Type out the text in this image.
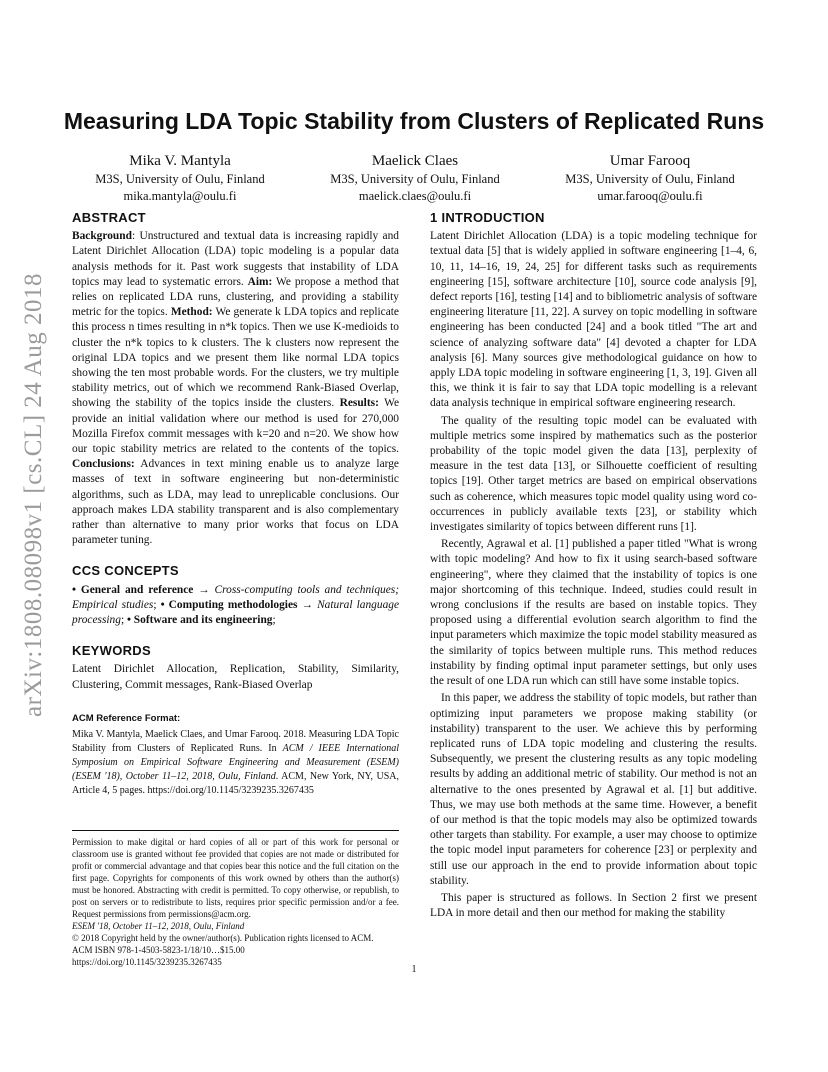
arXiv:1808.08098v1 [cs.CL] 24 Aug 2018
Measuring LDA Topic Stability from Clusters of Replicated Runs
Mika V. Mantyla
M3S, University of Oulu, Finland
mika.mantyla@oulu.fi
Maelick Claes
M3S, University of Oulu, Finland
maelick.claes@oulu.fi
Umar Farooq
M3S, University of Oulu, Finland
umar.farooq@oulu.fi
ABSTRACT

Background: Unstructured and textual data is increasing rapidly and Latent Dirichlet Allocation (LDA) topic modeling is a popular data analysis methods for it. Past work suggests that instability of LDA topics may lead to systematic errors. Aim: We propose a method that relies on replicated LDA runs, clustering, and providing a stability metric for the topics. Method: We generate k LDA topics and replicate this process n times resulting in n*k topics. Then we use K-medioids to cluster the n*k topics to k clusters. The k clusters now represent the original LDA topics and we present them like normal LDA topics showing the ten most probable words. For the clusters, we try multiple stability metrics, out of which we recommend Rank-Biased Overlap, showing the stability of the topics inside the clusters. Results: We provide an initial validation where our method is used for 270,000 Mozilla Firefox commit messages with k=20 and n=20. We show how our topic stability metrics are related to the contents of the topics. Conclusions: Advances in text mining enable us to analyze large masses of text in software engineering but non-deterministic algorithms, such as LDA, may lead to unreplicable conclusions. Our approach makes LDA stability transparent and is also complementary rather than alternative to many prior works that focus on LDA parameter tuning.

CCS CONCEPTS

• General and reference → Cross-computing tools and techniques; Empirical studies; • Computing methodologies → Natural language processing; • Software and its engineering;

KEYWORDS

Latent Dirichlet Allocation, Replication, Stability, Similarity, Clustering, Commit messages, Rank-Biased Overlap

ACM Reference Format:

Mika V. Mantyla, Maelick Claes, and Umar Farooq. 2018. Measuring LDA Topic Stability from Clusters of Replicated Runs. In ACM / IEEE International Symposium on Empirical Software Engineering and Measurement (ESEM) (ESEM '18), October 11–12, 2018, Oulu, Finland. ACM, New York, NY, USA, Article 4, 5 pages. https://doi.org/10.1145/3239235.3267435

Permission to make digital or hard copies of all or part of this work for personal or classroom use is granted without fee provided that copies are not made or distributed for profit or commercial advantage and that copies bear this notice and the full citation on the first page. Copyrights for components of this work owned by others than the author(s) must be honored. Abstracting with credit is permitted. To copy otherwise, or republish, to post on servers or to redistribute to lists, requires prior specific permission and/or a fee. Request permissions from permissions@acm.org.

ESEM '18, October 11–12, 2018, Oulu, Finland
© 2018 Copyright held by the owner/author(s). Publication rights licensed to ACM.
ACM ISBN 978-1-4503-5823-1/18/10…$15.00
https://doi.org/10.1145/3239235.3267435
1 INTRODUCTION

Latent Dirichlet Allocation (LDA) is a topic modeling technique for textual data [5] that is widely applied in software engineering [1–4, 6, 10, 11, 14–16, 19, 24, 25] for different tasks such as requirements engineering [15], software architecture [10], source code analysis [9], defect reports [16], testing [14] and to bibliometric analysis of software engineering literature [11, 22]. A survey on topic modelling in software engineering has been conducted [24] and a book titled "The art and science of analyzing software data" [4] devoted a chapter for LDA analysis [6]. Many sources give methodological guidance on how to apply LDA topic modeling in software engineering [1, 3, 19]. Given all this, we think it is fair to say that LDA topic modelling is a relevant data analysis technique in empirical software engineering research.

The quality of the resulting topic model can be evaluated with multiple metrics some inspired by mathematics such as the posterior probability of the topic model given the data [13], perplexity of measure in the test data [13], or Silhouette coefficient of resulting topics [19]. Other target metrics are based on empirical observations such as coherence, which measures topic model quality using word co-occurrences in publicly available texts [23], or stability which investigates similarity of topics between different runs [1].

Recently, Agrawal et al. [1] published a paper titled "What is wrong with topic modeling? And how to fix it using search-based software engineering", where they claimed that the instability of topics is one major shortcoming of this technique. Indeed, studies could result in wrong conclusions if the results are based on instable topics. They proposed using a differential evolution search algorithm to find the input parameters which maximize the topic model stability measured as the similarity of topics between multiple runs. This method reduces instability by finding optimal input parameter settings, but only uses the result of one LDA run which can still have some instable topics.

In this paper, we address the stability of topic models, but rather than optimizing input parameters we propose making stability (or instability) transparent to the user. We achieve this by performing replicated runs of LDA topic modeling and clustering the results. Subsequently, we present the clustering results as any topic modeling results by adding an additional metric of stability. Our method is not an alternative to the ones presented by Agrawal et al. [1] but additive. Thus, we may use both methods at the same time. However, a benefit of our method is that the topic models may also be optimized towards other targets than stability. For example, a user may choose to optimize the topic model input parameters for coherence [23] or perplexity and still use our approach in the end to provide information about topic stability.

This paper is structured as follows. In Section 2 first we present LDA in more detail and then our method for making the stability

1
